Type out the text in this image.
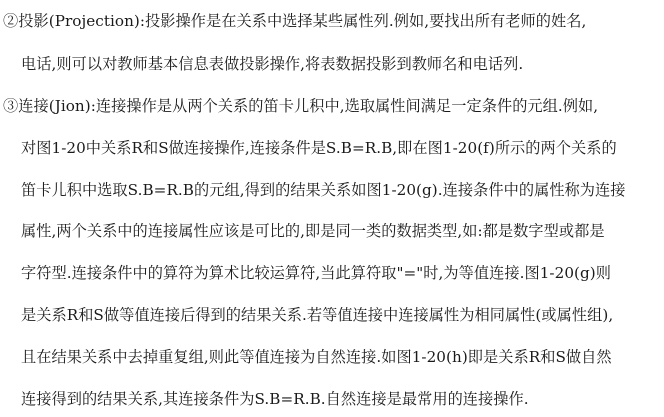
②投影(Projection):投影操作是在关系中选择某些属性列.例如,要找出所有老师的姓名,
电话,则可以对教师基本信息表做投影操作,将表数据投影到教师名和电话列.
③连接(Jion):连接操作是从两个关系的笛卡儿积中,选取属性间满足一定条件的元组.例如,
对图1-20中关系R和S做连接操作,连接条件是S.B=R.B,即在图1-20(f)所示的两个关系的
笛卡儿积中选取S.B=R.B的元组,得到的结果关系如图1-20(g).连接条件中的属性称为连接
属性,两个关系中的连接属性应该是可比的,即是同一类的数据类型,如:都是数字型或都是
字符型.连接条件中的算符为算术比较运算符,当此算符取"="时,为等值连接.图1-20(g)则
是关系R和S做等值连接后得到的结果关系.若等值连接中连接属性为相同属性(或属性组),
且在结果关系中去掉重复组,则此等值连接为自然连接.如图1-20(h)即是关系R和S做自然
连接得到的结果关系,其连接条件为S.B=R.B.自然连接是最常用的连接操作.
